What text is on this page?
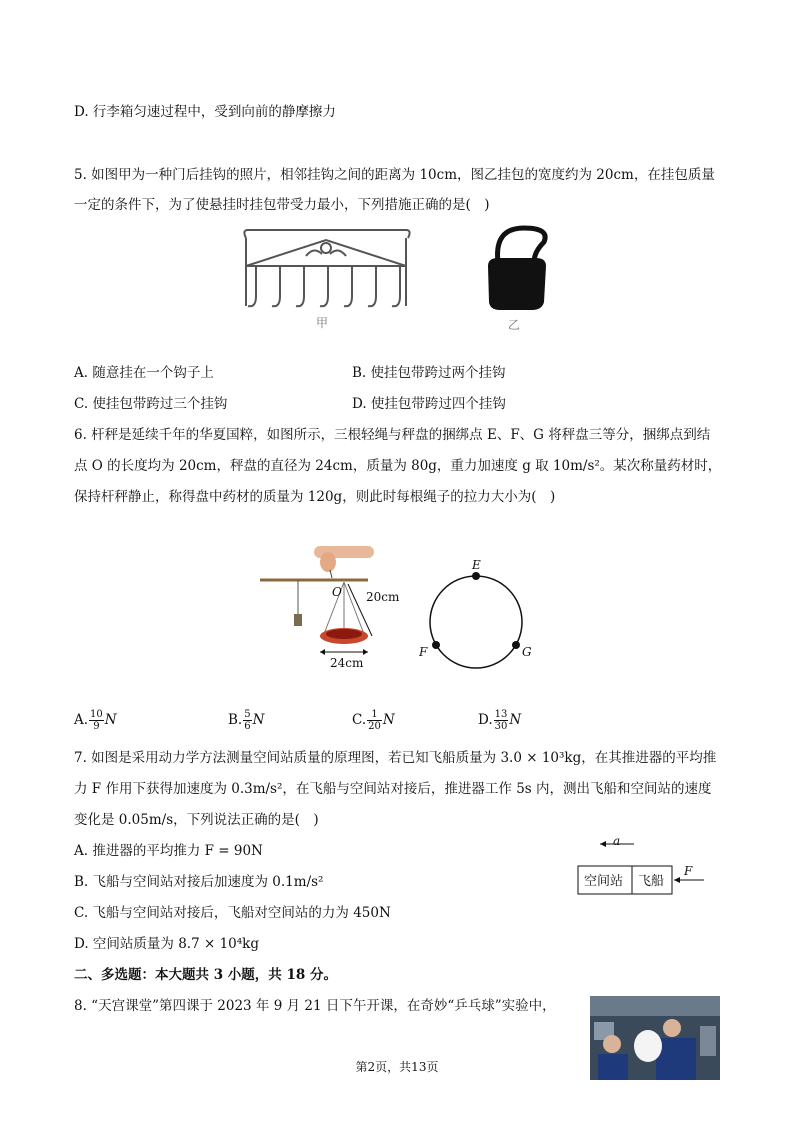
D. 行李箱匀速过程中，受到向前的静摩擦力
5. 如图甲为一种门后挂钩的照片，相邻挂钩之间的距离为 10cm，图乙挂包的宽度约为 20cm，在挂包质量
一定的条件下，为了使悬挂时挂包带受力最小，下列措施正确的是(　)
甲	乙
A. 随意挂在一个钩子上	B. 使挂包带跨过两个挂钩
C. 使挂包带跨过三个挂钩	D. 使挂包带跨过四个挂钩
6. 杆秤是延续千年的华夏国粹，如图所示，三根轻绳与秤盘的捆绑点 E、F、G 将秤盘三等分，捆绑点到结
点 O 的长度均为 20cm，秤盘的直径为 24cm，质量为 80g，重力加速度 g 取 10m/s²。某次称量药材时，
保持杆秤静止，称得盘中药材的质量为 120g，则此时每根绳子的拉力大小为(　)
O 20cm
24cm
E
F	G
A. $\frac{10}{9}$ N	B. $\frac{5}{6}$ N	C. $\frac{1}{20}$ N	D. $\frac{13}{30}$ N
7. 如图是采用动力学方法测量空间站质量的原理图，若已知飞船质量为 3.0 × 10³kg，在其推进器的平均推
力 F 作用下获得加速度为 0.3m/s²，在飞船与空间站对接后，推进器工作 5s 内，测出飞船和空间站的速度
变化是 0.05m/s，下列说法正确的是(　)
A. 推进器的平均推力 F = 90N
B. 飞船与空间站对接后加速度为 0.1m/s²
C. 飞船与空间站对接后，飞船对空间站的力为 450N
D. 空间站质量为 8.7 × 10⁴kg
a
空间站 飞船
F
二、多选题：本大题共 3 小题，共 18 分。
8. “天宫课堂”第四课于 2023 年 9 月 21 日下午开课，在奇妙“乒乓球”实验中，
第2页，共13页
